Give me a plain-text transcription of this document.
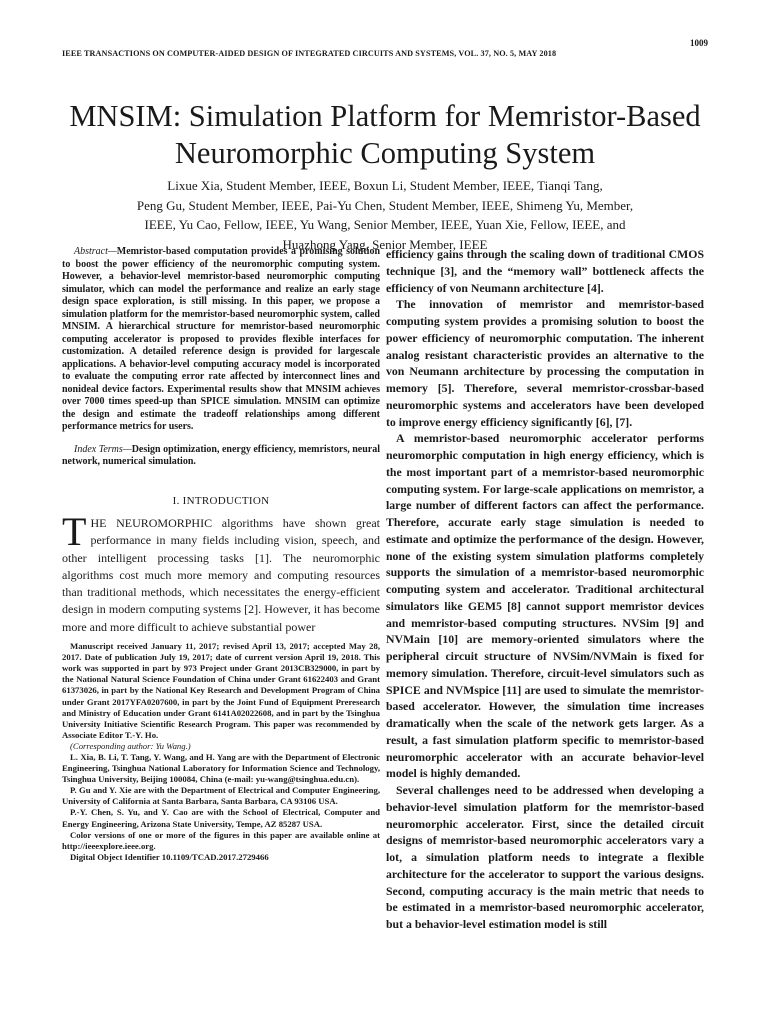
1009
IEEE TRANSACTIONS ON COMPUTER-AIDED DESIGN OF INTEGRATED CIRCUITS AND SYSTEMS, VOL. 37, NO. 5, MAY 2018
MNSIM: Simulation Platform for Memristor-Based Neuromorphic Computing System
Lixue Xia, Student Member, IEEE, Boxun Li, Student Member, IEEE, Tianqi Tang,
Peng Gu, Student Member, IEEE, Pai-Yu Chen, Student Member, IEEE, Shimeng Yu, Member,
IEEE, Yu Cao, Fellow, IEEE, Yu Wang, Senior Member, IEEE, Yuan Xie, Fellow, IEEE, and
Huazhong Yang, Senior Member, IEEE

Abstract—Memristor-based computation provides a promising solution to boost the power efficiency of the neuromorphic computing system. However, a behavior-level memristor-based neuromorphic computing simulator, which can model the performance and realize an early stage design space exploration, is still missing. In this paper, we propose a simulation platform for the memristor-based neuromorphic system, called MNSIM. A hierarchical structure for memristor-based neuromorphic computing accelerator is proposed to provides flexible interfaces for customization. A detailed reference design is provided for largescale applications. A behavior-level computing accuracy model is incorporated to evaluate the computing error rate affected by interconnect lines and nonideal device factors. Experimental results show that MNSIM achieves over 7000 times speed-up than SPICE simulation. MNSIM can optimize the design and estimate the tradeoff relationships among different performance metrics for users.

Index Terms—Design optimization, energy efficiency, memristors, neural network, numerical simulation.

I. INTRODUCTION

THE NEUROMORPHIC algorithms have shown great performance in many fields including vision, speech, and other intelligent processing tasks [1]. The neuromorphic algorithms cost much more memory and computing resources than traditional methods, which necessitates the energy-efficient design in modern computing systems [2]. However, it has become more and more difficult to achieve substantial power

Manuscript received January 11, 2017; revised April 13, 2017; accepted May 28, 2017. Date of publication July 19, 2017; date of current version April 19, 2018. This work was supported in part by 973 Project under Grant 2013CB329000, in part by the National Natural Science Foundation of China under Grant 61622403 and Grant 61373026, in part by the National Key Research and Development Program of China under Grant 2017YFA0207600, in part by the Joint Fund of Equipment Preresearch and Ministry of Education under Grant 6141A02022608, and in part by the Tsinghua University Initiative Scientific Research Program. This paper was recommended by Associate Editor T.-Y. Ho.

(Corresponding author: Yu Wang.)

L. Xia, B. Li, T. Tang, Y. Wang, and H. Yang are with the Department of Electronic Engineering, Tsinghua National Laboratory for Information Science and Technology, Tsinghua University, Beijing 100084, China (e-mail: yu-wang@tsinghua.edu.cn).

P. Gu and Y. Xie are with the Department of Electrical and Computer Engineering, University of California at Santa Barbara, Santa Barbara, CA 93106 USA.

P.-Y. Chen, S. Yu, and Y. Cao are with the School of Electrical, Computer and Energy Engineering, Arizona State University, Tempe, AZ 85287 USA.

Color versions of one or more of the figures in this paper are available online at http://ieeexplore.ieee.org.

Digital Object Identifier 10.1109/TCAD.2017.2729466

efficiency gains through the scaling down of traditional CMOS technique [3], and the “memory wall” bottleneck affects the efficiency of von Neumann architecture [4].

The innovation of memristor and memristor-based computing system provides a promising solution to boost the power efficiency of neuromorphic computation. The inherent analog resistant characteristic provides an alternative to the von Neumann architecture by processing the computation in memory [5]. Therefore, several memristor-crossbar-based neuromorphic systems and accelerators have been developed to improve energy efficiency significantly [6], [7].

A memristor-based neuromorphic accelerator performs neuromorphic computation in high energy efficiency, which is the most important part of a memristor-based neuromorphic computing system. For large-scale applications on memristor, a large number of different factors can affect the performance. Therefore, accurate early stage simulation is needed to estimate and optimize the performance of the design. However, none of the existing system simulation platforms completely supports the simulation of a memristor-based neuromorphic computing system and accelerator. Traditional architectural simulators like GEM5 [8] cannot support memristor devices and memristor-based computing structures. NVSim [9] and NVMain [10] are memory-oriented simulators where the peripheral circuit structure of NVSim/NVMain is fixed for memory simulation. Therefore, circuit-level simulators such as SPICE and NVMspice [11] are used to simulate the memristor-based accelerator. However, the simulation time increases dramatically when the scale of the network gets larger. As a result, a fast simulation platform specific to memristor-based neuromorphic accelerator with an accurate behavior-level model is highly demanded.

Several challenges need to be addressed when developing a behavior-level simulation platform for the memristor-based neuromorphic accelerator. First, since the detailed circuit designs of memristor-based neuromorphic accelerators vary a lot, a simulation platform needs to integrate a flexible architecture for the accelerator to support the various designs. Second, computing accuracy is the main metric that needs to be estimated in a memristor-based neuromorphic accelerator, but a behavior-level estimation model is still
